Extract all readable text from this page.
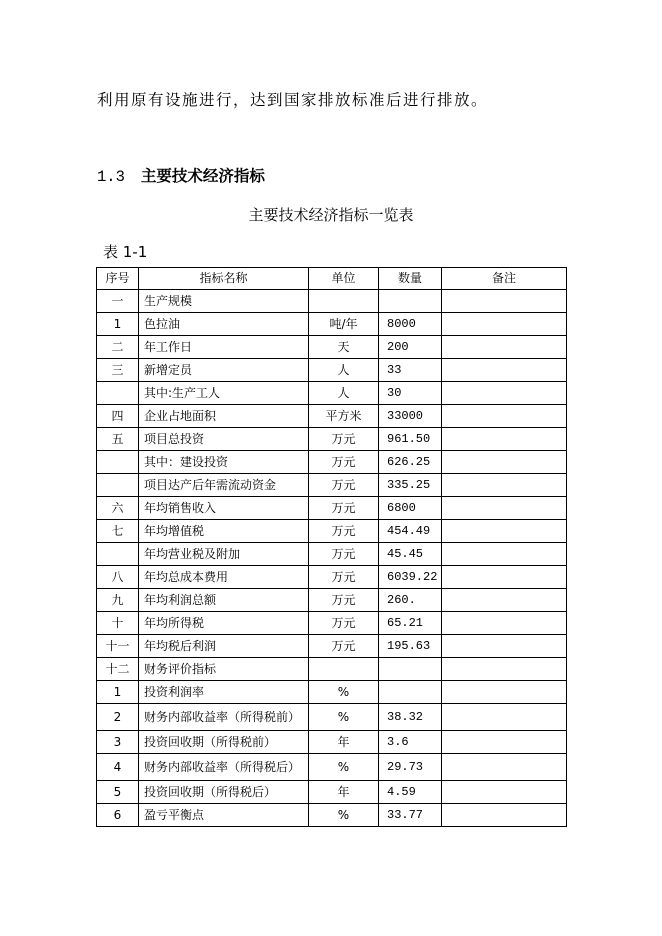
利用原有设施进行，达到国家排放标准后进行排放。
1.3 主要技术经济指标
主要技术经济指标一览表
表 1-1
序号	指标名称	单位	数量	备注
一	生产规模			
1	色拉油	吨/年	8000	
二	年工作日	天	200	
三	新增定员	人	33	
	其中:生产工人	人	30	
四	企业占地面积	平方米	33000	
五	项目总投资	万元	961.50	
	其中：建设投资	万元	626.25	
	项目达产后年需流动资金	万元	335.25	
六	年均销售收入	万元	6800	
七	年均增值税	万元	454.49	
	年均营业税及附加	万元	45.45	
八	年均总成本费用	万元	6039.22	
九	年均利润总额	万元	260.	
十	年均所得税	万元	65.21	
十一	年均税后利润	万元	195.63	
十二	财务评价指标			
1	投资利润率	%		
2	财务内部收益率（所得税前）	%	38.32	
3	投资回收期（所得税前）	年	3.6	
4	财务内部收益率（所得税后）	%	29.73	
5	投资回收期（所得税后）	年	4.59	
6	盈亏平衡点	%	33.77	
